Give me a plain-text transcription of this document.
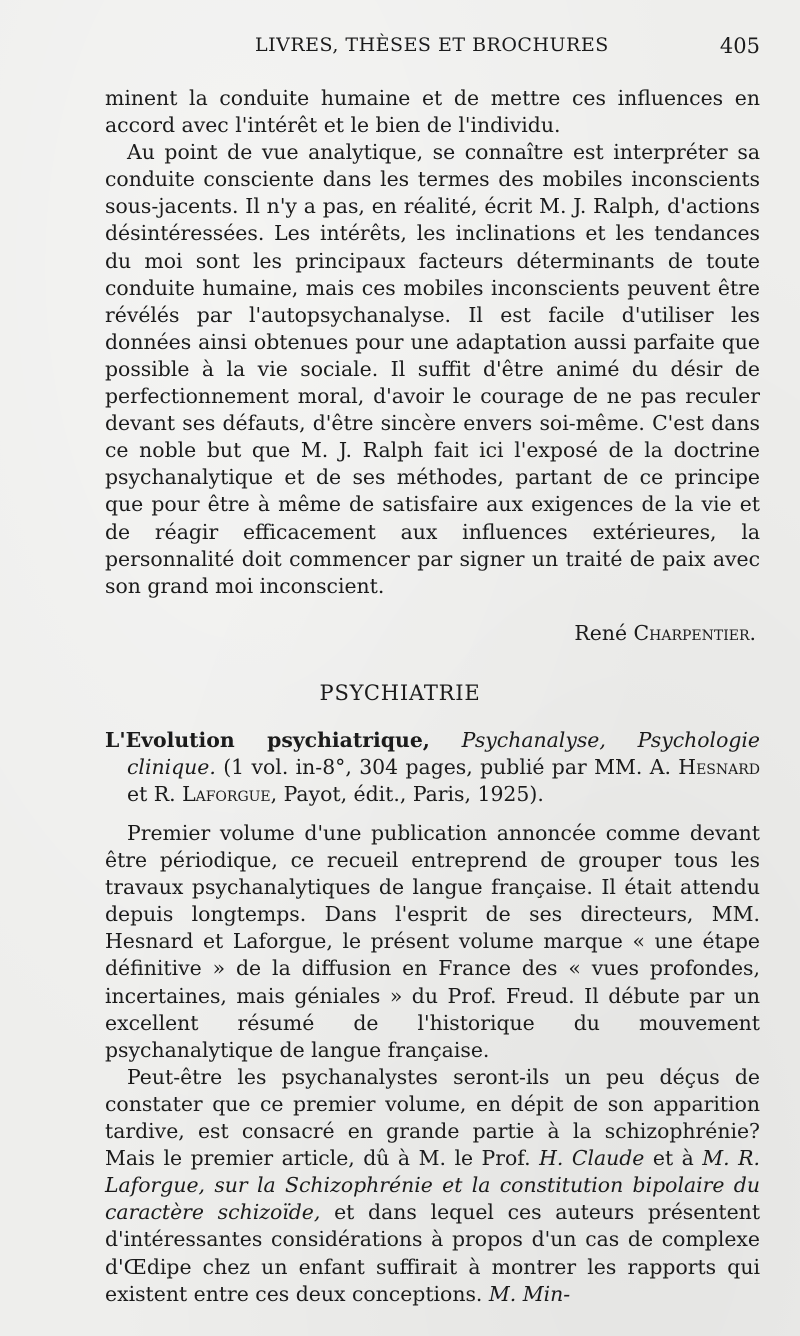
LIVRES, THÈSES ET BROCHURES	405

minent la conduite humaine et de mettre ces influences en accord avec l'intérêt et le bien de l'individu.

Au point de vue analytique, se connaître est interpréter sa conduite consciente dans les termes des mobiles inconscients sous-jacents. Il n'y a pas, en réalité, écrit M. J. Ralph, d'actions désintéressées. Les intérêts, les inclinations et les tendances du moi sont les principaux facteurs déterminants de toute conduite humaine, mais ces mobiles inconscients peuvent être révélés par l'autopsychanalyse. Il est facile d'utiliser les données ainsi obtenues pour une adaptation aussi parfaite que possible à la vie sociale. Il suffit d'être animé du désir de perfectionnement moral, d'avoir le courage de ne pas reculer devant ses défauts, d'être sincère envers soi-même. C'est dans ce noble but que M. J. Ralph fait ici l'exposé de la doctrine psychanalytique et de ses méthodes, partant de ce principe que pour être à même de satisfaire aux exigences de la vie et de réagir efficacement aux influences extérieures, la personnalité doit commencer par signer un traité de paix avec son grand moi inconscient.

René Charpentier.
PSYCHIATRIE
L'Evolution psychiatrique, Psychanalyse, Psychologie clinique. (1 vol. in-8°, 304 pages, publié par MM. A. Hesnard et R. Laforgue, Payot, édit., Paris, 1925).

Premier volume d'une publication annoncée comme devant être périodique, ce recueil entreprend de grouper tous les travaux psychanalytiques de langue française. Il était attendu depuis longtemps. Dans l'esprit de ses directeurs, MM. Hesnard et Laforgue, le présent volume marque « une étape définitive » de la diffusion en France des « vues profondes, incertaines, mais géniales » du Prof. Freud. Il débute par un excellent résumé de l'historique du mouvement psychanalytique de langue française.

Peut-être les psychanalystes seront-ils un peu déçus de constater que ce premier volume, en dépit de son apparition tardive, est consacré en grande partie à la schizophrénie? Mais le premier article, dû à M. le Prof. H. Claude et à M. R. Laforgue, sur la Schizophrénie et la constitution bipolaire du caractère schizoïde, et dans lequel ces auteurs présentent d'intéressantes considérations à propos d'un cas de complexe d'Œdipe chez un enfant suffirait à montrer les rapports qui existent entre ces deux conceptions. M. Min-
